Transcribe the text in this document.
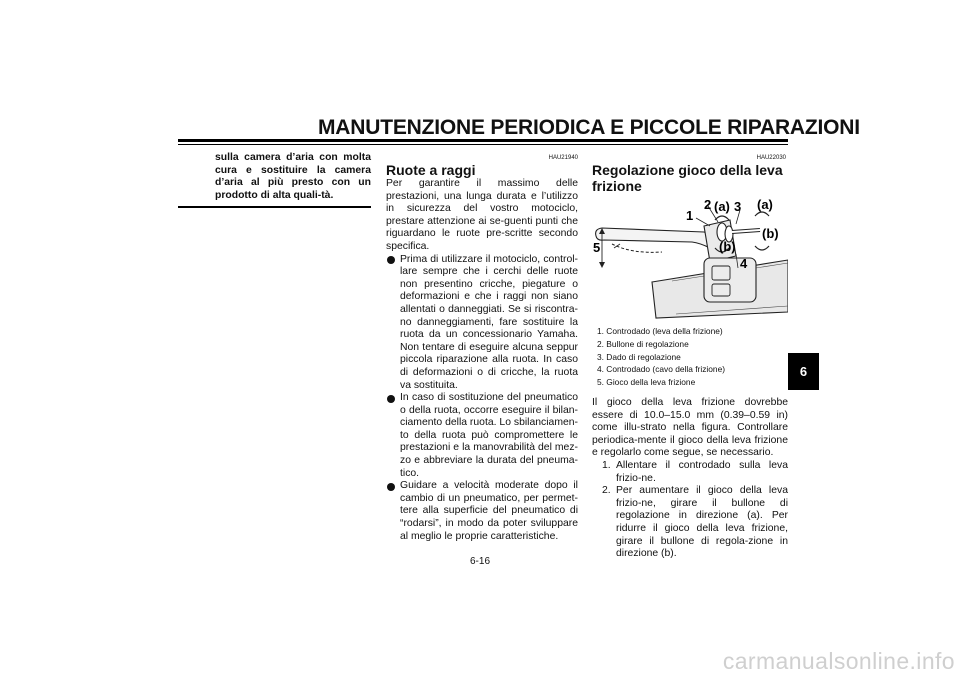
MANUTENZIONE PERIODICA E PICCOLE RIPARAZIONI
sulla camera d’aria con molta cura e sostituire la camera d’aria al più presto con un prodotto di alta quali-tà.
HAU21940
Ruote a raggi
Per garantire il massimo delle prestazioni, una lunga durata e l’utilizzo in sicurezza del vostro motociclo, prestare attenzione ai se-guenti punti che riguardano le ruote pre-scritte secondo specifica.
Prima di utilizzare il motociclo, control-lare sempre che i cerchi delle ruote non presentino cricche, piegature o deformazioni e che i raggi non siano allentati o danneggiati. Se si riscontra-no danneggiamenti, fare sostituire la ruota da un concessionario Yamaha. Non tentare di eseguire alcuna seppur piccola riparazione alla ruota. In caso di deformazioni o di cricche, la ruota va sostituita.
In caso di sostituzione del pneumatico o della ruota, occorre eseguire il bilan-ciamento della ruota. Lo sbilanciamen-to della ruota può compromettere le prestazioni e la manovrabilità del mez-zo e abbreviare la durata del pneuma-tico.
Guidare a velocità moderate dopo il cambio di un pneumatico, per permet-tere alla superficie del pneumatico di “rodarsi”, in modo da poter sviluppare al meglio le proprie caratteristiche.
HAU22030
Regolazione gioco della leva frizione
1
2 (a) 3 (a)
(b)
(b)
4
5
1. Controdado (leva della frizione)
2. Bullone di regolazione
3. Dado di regolazione
4. Controdado (cavo della frizione)
5. Gioco della leva frizione
Il gioco della leva frizione dovrebbe essere di 10.0–15.0 mm (0.39–0.59 in) come illu-strato nella figura. Controllare periodica-mente il gioco della leva frizione e regolarlo come segue, se necessario.
1. Allentare il controdado sulla leva frizio-ne.
2. Per aumentare il gioco della leva frizio-ne, girare il bullone di regolazione in direzione (a). Per ridurre il gioco della leva frizione, girare il bullone di regola-zione in direzione (b).
6
6-16
carmanualsonline.info
